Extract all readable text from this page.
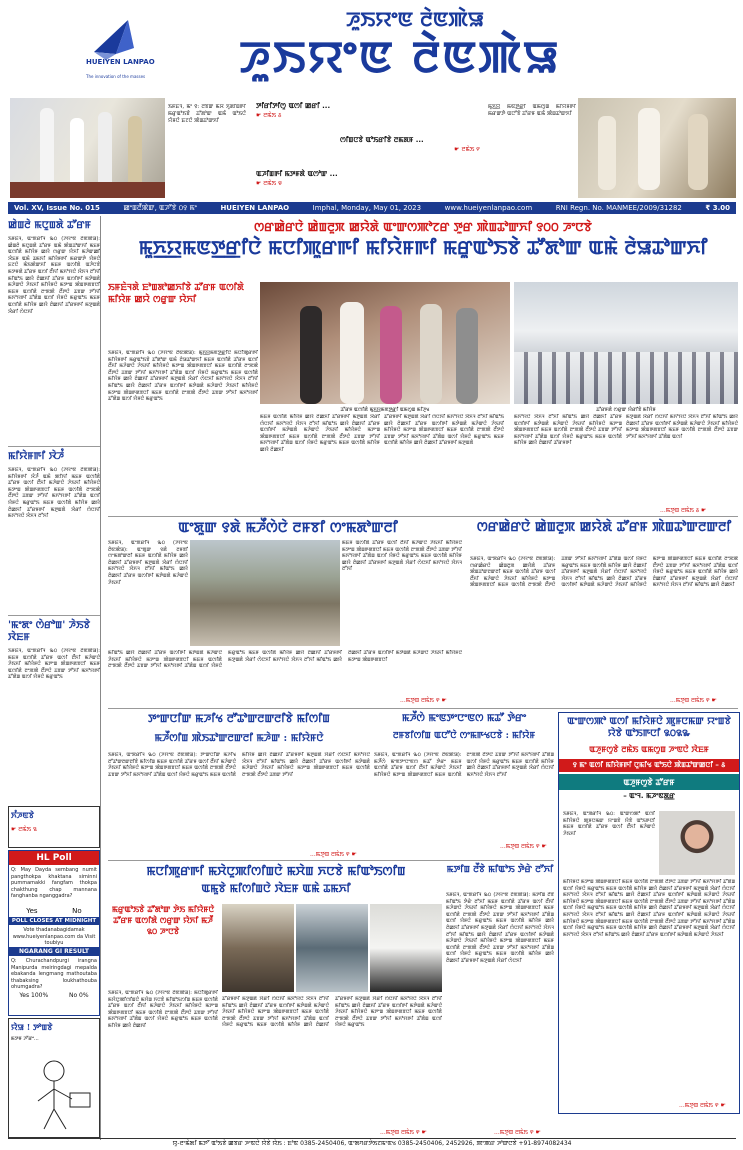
HUEIYEN LANPAO
The innovation of the masses
ꯍꯨꯏꯌꯦꯟ ꯂꯥꯟꯄꯥꯎ
ꯍꯨꯏꯌꯦꯟ ꯂꯥꯟꯄꯥꯎ
ꯏꯝꯐꯥꯜ, ꯃꯦ ꯱: ꯂꯩꯕꯥꯛ ꯃꯆꯥ ꯈꯨꯗꯤꯡꯒꯤ ꯃꯔꯨꯑꯣꯏꯕꯥ ꯊꯧꯗꯣꯛ ꯑꯃꯥ ꯑꯣꯏꯅꯥ ꯌꯥꯝꯅꯥ ꯐꯖꯅꯥ ꯄꯥꯡꯊꯣꯛꯈꯤ
ꯇꯤꯔꯤꯇꯤꯁꯨ ꯑꯁꯤ ꯀꯔꯤ ...
☛ ꯂꯃꯥꯏ ꯴
ꯁꯤꯡꯅꯕꯥ ꯑꯣꯏꯔꯤꯕꯥ ꯂꯃꯗꯝ ...
☛ ꯂꯃꯥꯏ ꯵
ꯑꯍꯤꯡꯒꯤ ꯃꯇꯝꯗꯥ ꯑꯁꯣꯛ ...
☛ ꯂꯃꯥꯏ ꯶
ꯃꯨꯈ꯭ꯌ ꯃꯟꯇ꯭ꯔꯤ ꯑꯃꯁꯨꯡ ꯃꯤꯌꯥꯝꯒꯤ ꯃꯔꯛꯇꯥ ꯑꯅꯧꯕꯥ ꯊꯧꯔꯝ ꯑꯃꯥ ꯄꯥꯡꯊꯣꯛꯈꯤ
Vol. XV, Issue No. 015	ꯀꯦꯡꯂꯩꯄꯥꯛ, ꯑꯍꯧꯕꯥ ꯰꯱ ꯃꯦ	HUEIYEN LANPAO	Imphal, Monday, May 01, 2023	www.hueiyenlanpao.com	RNI Regn. No. MANMEE/2009/31282	₹ 3.00
ꯀꯥꯡꯂꯥ ꯃꯅꯨꯡꯗꯥ ꯊꯧꯔꯝ

ꯏꯝꯐꯥꯜ, ꯑꯦꯞꯔꯤꯜ ꯳꯰ (ꯍꯌꯦꯟ ꯂꯥꯟꯄꯥꯎ): ꯀꯥꯡꯂꯥ ꯃꯅꯨꯡꯗꯥ ꯊꯧꯔꯝ ꯑꯃꯥ ꯄꯥꯡꯊꯣꯛꯈꯤ ꯃꯐꯝ ꯑꯁꯤꯗꯥ ꯃꯤꯌꯥꯝ ꯀꯌꯥ ꯁꯔꯨꯛ ꯌꯥꯈꯤ ꯃꯍꯥꯛꯀꯤ ꯋꯥꯐꯝ ꯑꯃꯥ ꯊꯃꯈꯤ ꯃꯤꯌꯥꯝꯒꯤ ꯃꯔꯛꯇꯥ ꯌꯥꯝꯅꯥ ꯐꯖꯅꯥ ꯃꯥꯏꯄꯥꯛꯈꯤ ꯃꯐꯝ ꯑꯁꯤꯗꯥ ꯑꯍꯥꯅꯕꯥ ꯃꯇꯝꯗꯥ ꯊꯧꯔꯝ ꯑꯁꯤ ꯂꯩꯈꯤ ꯃꯈꯣꯌꯅꯥ ꯋꯥꯈꯜ ꯂꯧꯈꯤ ꯃꯤꯑꯣꯏ ꯀꯌꯥ ꯂꯥꯀꯈꯤ ꯊꯧꯔꯝ ꯑꯁꯤꯒꯤ ꯃꯇꯥꯡꯗꯥ ꯃꯍꯥꯛꯅꯥ ꯍꯥꯏꯈꯤ ꯃꯤꯌꯥꯝꯅꯥ ꯃꯇꯦꯡ ꯄꯥꯡꯒꯗꯕꯅꯤ ꯃꯐꯝ ꯑꯁꯤꯗꯥ ꯂꯦꯞꯄꯥ ꯂꯩꯇꯅꯥ ꯊꯕꯛ ꯇꯧꯈꯤ ꯃꯈꯣꯌꯒꯤ ꯊꯧꯗꯥꯡ ꯑꯁꯤ ꯌꯥꯝꯅꯥ ꯃꯔꯨꯑꯣꯏ ꯃꯐꯝ ꯑꯁꯤꯗꯥ ꯃꯤꯌꯥꯝ ꯀꯌꯥ ꯂꯥꯀꯈꯤ ꯊꯧꯔꯝꯒꯤ ꯃꯇꯨꯡꯗꯥ ꯋꯥꯔꯤ ꯁꯥꯅꯈꯤ

ꯃꯤꯌꯥꯝꯒꯤ ꯋꯥꯍꯪ

ꯏꯝꯐꯥꯜ, ꯑꯦꯞꯔꯤꯜ ꯳꯰ (ꯍꯌꯦꯟ ꯂꯥꯟꯄꯥꯎ): ꯃꯤꯌꯥꯝꯒꯤ ꯋꯥꯍꯪ ꯑꯃꯥ ꯄꯤꯈꯤ ꯃꯐꯝ ꯑꯁꯤꯗꯥ ꯊꯧꯔꯝ ꯑꯁꯤ ꯂꯩꯈꯤ ꯃꯍꯥꯛꯅꯥ ꯍꯥꯏꯈꯤ ꯃꯤꯌꯥꯝꯅꯥ ꯃꯇꯦꯡ ꯄꯥꯡꯒꯗꯕꯅꯤ ꯃꯐꯝ ꯑꯁꯤꯗꯥ ꯂꯦꯞꯄꯥ ꯂꯩꯇꯅꯥ ꯊꯕꯛ ꯇꯧꯈꯤ ꯃꯈꯣꯌꯒꯤ ꯊꯧꯗꯥꯡ ꯑꯁꯤ ꯌꯥꯝꯅꯥ ꯃꯔꯨꯑꯣꯏ ꯃꯐꯝ ꯑꯁꯤꯗꯥ ꯃꯤꯌꯥꯝ ꯀꯌꯥ ꯂꯥꯀꯈꯤ ꯊꯧꯔꯝꯒꯤ ꯃꯇꯨꯡꯗꯥ ꯋꯥꯔꯤ ꯁꯥꯅꯈꯤ ꯃꯈꯣꯌꯅꯥ ꯋꯥꯈꯜ ꯂꯧꯈꯤ

'ꯃꯦꯗꯦ ꯁꯥꯔꯣꯡ' ꯍꯥꯏꯕꯥ ꯋꯥꯐꯝ

ꯏꯝꯐꯥꯜ, ꯑꯦꯞꯔꯤꯜ ꯳꯰ (ꯍꯌꯦꯟ ꯂꯥꯟꯄꯥꯎ): ꯃꯐꯝ ꯑꯁꯤꯗꯥ ꯊꯧꯔꯝ ꯑꯁꯤ ꯂꯩꯈꯤ ꯃꯍꯥꯛꯅꯥ ꯍꯥꯏꯈꯤ ꯃꯤꯌꯥꯝꯅꯥ ꯃꯇꯦꯡ ꯄꯥꯡꯒꯗꯕꯅꯤ ꯃꯐꯝ ꯑꯁꯤꯗꯥ ꯂꯦꯞꯄꯥ ꯂꯩꯇꯅꯥ ꯊꯕꯛ ꯇꯧꯈꯤ ꯃꯈꯣꯌꯒꯤ ꯊꯧꯗꯥꯡ ꯑꯁꯤ ꯌꯥꯝꯅꯥ ꯃꯔꯨꯑꯣꯏ

ꯈꯪꯍꯟꯕꯥ
☛ ꯂꯃꯥꯏ ꯲
HL Poll
Q: May Dayda sembang numit pangthokpa khaktana siminni pummamakki fangfam thokpa chakthung chap mannana fanghanba nganggadra?
Yes	No
POLL CLOSES AT MIDNIGHT
Vote thadanabagidamak www.hueiyenlanpao.com da Visit toubiyu
NGARANG GI RESULT
Q: Churachandpurgi irangna Manipurda meiringdagi mepalda ebakanda lengmang mathoutaba thabaksing loukhathouba ohumgadra?
Yes 100%	No 0%
ꯌꯥꯎ ! ꯇꯣꯡꯕꯥ
ꯃꯇꯝ ꯍꯧꯔꯦ...
ꯁꯔꯀꯥꯔꯅꯥ ꯀꯥꯡꯂꯨꯞ ꯀꯌꯥꯗꯥ ꯑꯦꯛꯁꯄꯣꯖꯔ ꯇꯨꯔ ꯄꯥꯡꯊꯣꯛꯈꯤ ꯱꯰꯰ ꯍꯦꯅꯕꯥ
ꯃꯨꯈ꯭ꯌꯃꯟꯇ꯭ꯔꯤꯅꯥ ꯃꯅꯤꯄꯨꯔꯒꯤ ꯃꯤꯌꯥꯝꯒꯤ ꯃꯔꯨꯑꯣꯏꯕꯥ ꯊꯧꯗꯣꯛ ꯑꯃꯥ ꯂꯥꯎꯊꯣꯛꯈꯤ
ꯏꯝꯐꯥꯜꯗꯥ ꯐꯣꯡꯗꯣꯀꯈꯤꯕꯥ ꯊꯧꯔꯝ ꯑꯁꯤꯗꯥ ꯃꯤꯌꯥꯝ ꯀꯌꯥ ꯁꯔꯨꯛ ꯌꯥꯈꯤ
ꯊꯧꯔꯝ ꯑꯁꯤꯗꯥ ꯃꯨꯈ꯭ꯌꯃꯟꯇ꯭ꯔꯤ ꯑꯃꯁꯨꯡ ꯃꯤꯍꯨꯠ	ꯊꯧꯔꯝꯗꯥ ꯁꯔꯨꯛ ꯌꯥꯔꯤꯕꯥ ꯃꯤꯌꯥꯝ

ꯏꯝꯐꯥꯜ, ꯑꯦꯞꯔꯤꯜ ꯳꯰ (ꯍꯌꯦꯟ ꯂꯥꯟꯄꯥꯎ): ꯃꯨꯈ꯭ꯌꯃꯟꯇ꯭ꯔꯤꯅꯥ ꯃꯅꯤꯄꯨꯔꯒꯤ ꯃꯤꯌꯥꯝꯒꯤ ꯃꯔꯨꯑꯣꯏꯕꯥ ꯊꯧꯗꯣꯛ ꯑꯃꯥ ꯂꯥꯎꯊꯣꯛꯈꯤ ꯃꯐꯝ ꯑꯁꯤꯗꯥ ꯊꯧꯔꯝ ꯑꯁꯤ ꯂꯩꯈꯤ ꯃꯍꯥꯛꯅꯥ ꯍꯥꯏꯈꯤ ꯃꯤꯌꯥꯝꯅꯥ ꯃꯇꯦꯡ ꯄꯥꯡꯒꯗꯕꯅꯤ ꯃꯐꯝ ꯑꯁꯤꯗꯥ ꯂꯦꯞꯄꯥ ꯂꯩꯇꯅꯥ ꯊꯕꯛ ꯇꯧꯈꯤ ꯃꯈꯣꯌꯒꯤ ꯊꯧꯗꯥꯡ ꯑꯁꯤ ꯌꯥꯝꯅꯥ ꯃꯔꯨꯑꯣꯏ ꯃꯐꯝ ꯑꯁꯤꯗꯥ ꯃꯤꯌꯥꯝ ꯀꯌꯥ ꯂꯥꯀꯈꯤ ꯊꯧꯔꯝꯒꯤ ꯃꯇꯨꯡꯗꯥ ꯋꯥꯔꯤ ꯁꯥꯅꯈꯤ ꯃꯈꯣꯌꯅꯥ ꯋꯥꯈꯜ ꯂꯧꯈꯤ ꯃꯤꯑꯣꯏ ꯀꯌꯥ ꯂꯥꯀꯈꯤ ꯊꯧꯔꯝ ꯑꯁꯤꯒꯤ ꯃꯇꯥꯡꯗꯥ ꯃꯍꯥꯛꯅꯥ ꯍꯥꯏꯈꯤ ꯃꯤꯌꯥꯝꯅꯥ ꯃꯇꯦꯡ ꯄꯥꯡꯒꯗꯕꯅꯤ ꯃꯐꯝ ꯑꯁꯤꯗꯥ ꯂꯦꯞꯄꯥ ꯂꯩꯇꯅꯥ ꯊꯕꯛ ꯇꯧꯈꯤ ꯃꯈꯣꯌꯒꯤ ꯊꯧꯗꯥꯡ ꯑꯁꯤ ꯌꯥꯝꯅꯥ ꯃꯔꯨꯑꯣꯏ

ꯃꯐꯝ ꯑꯁꯤꯗꯥ ꯃꯤꯌꯥꯝ ꯀꯌꯥ ꯂꯥꯀꯈꯤ ꯊꯧꯔꯝꯒꯤ ꯃꯇꯨꯡꯗꯥ ꯋꯥꯔꯤ ꯁꯥꯅꯈꯤ ꯃꯈꯣꯌꯅꯥ ꯋꯥꯈꯜ ꯂꯧꯈꯤ ꯃꯤꯑꯣꯏ ꯀꯌꯥ ꯂꯥꯀꯈꯤ ꯊꯧꯔꯝ ꯑꯁꯤꯒꯤ ꯃꯇꯥꯡꯗꯥ ꯃꯍꯥꯛꯅꯥ ꯍꯥꯏꯈꯤ ꯃꯤꯌꯥꯝꯅꯥ ꯃꯇꯦꯡ ꯄꯥꯡꯒꯗꯕꯅꯤ ꯃꯐꯝ ꯑꯁꯤꯗꯥ ꯂꯦꯞꯄꯥ ꯂꯩꯇꯅꯥ ꯊꯕꯛ ꯇꯧꯈꯤ ꯃꯈꯣꯌꯒꯤ ꯊꯧꯗꯥꯡ ꯑꯁꯤ ꯌꯥꯝꯅꯥ ꯃꯔꯨꯑꯣꯏ ꯃꯐꯝ ꯑꯁꯤꯗꯥ ꯃꯤꯌꯥꯝ ꯀꯌꯥ ꯂꯥꯀꯈꯤ

ꯊꯧꯔꯝꯒꯤ ꯃꯇꯨꯡꯗꯥ ꯋꯥꯔꯤ ꯁꯥꯅꯈꯤ ꯃꯈꯣꯌꯅꯥ ꯋꯥꯈꯜ ꯂꯧꯈꯤ ꯃꯤꯑꯣꯏ ꯀꯌꯥ ꯂꯥꯀꯈꯤ ꯊꯧꯔꯝ ꯑꯁꯤꯒꯤ ꯃꯇꯥꯡꯗꯥ ꯃꯍꯥꯛꯅꯥ ꯍꯥꯏꯈꯤ ꯃꯤꯌꯥꯝꯅꯥ ꯃꯇꯦꯡ ꯄꯥꯡꯒꯗꯕꯅꯤ ꯃꯐꯝ ꯑꯁꯤꯗꯥ ꯂꯦꯞꯄꯥ ꯂꯩꯇꯅꯥ ꯊꯕꯛ ꯇꯧꯈꯤ ꯃꯈꯣꯌꯒꯤ ꯊꯧꯗꯥꯡ ꯑꯁꯤ ꯌꯥꯝꯅꯥ ꯃꯔꯨꯑꯣꯏ ꯃꯐꯝ ꯑꯁꯤꯗꯥ ꯃꯤꯌꯥꯝ ꯀꯌꯥ ꯂꯥꯀꯈꯤ ꯊꯧꯔꯝꯒꯤ ꯃꯇꯨꯡꯗꯥ

ꯃꯈꯣꯌꯅꯥ ꯋꯥꯈꯜ ꯂꯧꯈꯤ ꯃꯤꯑꯣꯏ ꯀꯌꯥ ꯂꯥꯀꯈꯤ ꯊꯧꯔꯝ ꯑꯁꯤꯒꯤ ꯃꯇꯥꯡꯗꯥ ꯃꯍꯥꯛꯅꯥ ꯍꯥꯏꯈꯤ ꯃꯤꯌꯥꯝꯅꯥ ꯃꯇꯦꯡ ꯄꯥꯡꯒꯗꯕꯅꯤ ꯃꯐꯝ ꯑꯁꯤꯗꯥ ꯂꯦꯞꯄꯥ ꯂꯩꯇꯅꯥ ꯊꯕꯛ ꯇꯧꯈꯤ ꯃꯈꯣꯌꯒꯤ ꯊꯧꯗꯥꯡ ꯑꯁꯤ ꯌꯥꯝꯅꯥ ꯃꯔꯨꯑꯣꯏ ꯃꯐꯝ ꯑꯁꯤꯗꯥ ꯃꯤꯌꯥꯝ ꯀꯌꯥ ꯂꯥꯀꯈꯤ ꯊꯧꯔꯝꯒꯤ

ꯃꯇꯨꯡꯗꯥ ꯋꯥꯔꯤ ꯁꯥꯅꯈꯤ ꯃꯈꯣꯌꯅꯥ ꯋꯥꯈꯜ ꯂꯧꯈꯤ ꯃꯤꯑꯣꯏ ꯀꯌꯥ ꯂꯥꯀꯈꯤ ꯊꯧꯔꯝ ꯑꯁꯤꯒꯤ ꯃꯇꯥꯡꯗꯥ ꯃꯍꯥꯛꯅꯥ ꯍꯥꯏꯈꯤ ꯃꯤꯌꯥꯝꯅꯥ ꯃꯇꯦꯡ ꯄꯥꯡꯒꯗꯕꯅꯤ ꯃꯐꯝ ꯑꯁꯤꯗꯥ ꯂꯦꯞꯄꯥ ꯂꯩꯇꯅꯥ ꯊꯕꯛ ꯇꯧꯈꯤ ꯃꯈꯣꯌꯒꯤ ꯊꯧꯗꯥꯡ ꯑꯁꯤ

...ꯃꯇꯨꯡ ꯂꯃꯥꯏ ꯴ ☛
ꯑꯦꯗꯨꯛ ꯱ꯗꯥ ꯃꯍꯩꯁꯥꯅꯥ ꯂꯝꯕꯤ ꯁꯦꯃꯗꯣꯛꯂꯤ

ꯏꯝꯐꯥꯜ, ꯑꯦꯞꯔꯤꯜ ꯳꯰ (ꯍꯌꯦꯟ ꯂꯥꯟꯄꯥꯎ): ꯑꯦꯗꯨꯛ ꯱ꯗꯥ ꯂꯝꯕꯤ ꯁꯦꯃꯗꯣꯛꯂꯤ ꯃꯐꯝ ꯑꯁꯤꯗꯥ ꯃꯤꯌꯥꯝ ꯀꯌꯥ ꯂꯥꯀꯈꯤ ꯊꯧꯔꯝꯒꯤ ꯃꯇꯨꯡꯗꯥ ꯋꯥꯔꯤ ꯁꯥꯅꯈꯤ ꯃꯈꯣꯌꯅꯥ ꯋꯥꯈꯜ ꯂꯧꯈꯤ ꯃꯤꯑꯣꯏ ꯀꯌꯥ ꯂꯥꯀꯈꯤ ꯊꯧꯔꯝ ꯑꯁꯤꯒꯤ ꯃꯇꯥꯡꯗꯥ ꯃꯍꯥꯛꯅꯥ ꯍꯥꯏꯈꯤ

ꯃꯐꯝ ꯑꯁꯤꯗꯥ ꯊꯧꯔꯝ ꯑꯁꯤ ꯂꯩꯈꯤ ꯃꯍꯥꯛꯅꯥ ꯍꯥꯏꯈꯤ ꯃꯤꯌꯥꯝꯅꯥ ꯃꯇꯦꯡ ꯄꯥꯡꯒꯗꯕꯅꯤ ꯃꯐꯝ ꯑꯁꯤꯗꯥ ꯂꯦꯞꯄꯥ ꯂꯩꯇꯅꯥ ꯊꯕꯛ ꯇꯧꯈꯤ ꯃꯈꯣꯌꯒꯤ ꯊꯧꯗꯥꯡ ꯑꯁꯤ ꯌꯥꯝꯅꯥ ꯃꯔꯨꯑꯣꯏ ꯃꯐꯝ ꯑꯁꯤꯗꯥ ꯃꯤꯌꯥꯝ ꯀꯌꯥ ꯂꯥꯀꯈꯤ ꯊꯧꯔꯝꯒꯤ ꯃꯇꯨꯡꯗꯥ ꯋꯥꯔꯤ ꯁꯥꯅꯈꯤ ꯃꯈꯣꯌꯅꯥ ꯋꯥꯈꯜ ꯂꯧꯈꯤ

ꯃꯤꯑꯣꯏ ꯀꯌꯥ ꯂꯥꯀꯈꯤ ꯊꯧꯔꯝ ꯑꯁꯤꯒꯤ ꯃꯇꯥꯡꯗꯥ ꯃꯍꯥꯛꯅꯥ ꯍꯥꯏꯈꯤ ꯃꯤꯌꯥꯝꯅꯥ ꯃꯇꯦꯡ ꯄꯥꯡꯒꯗꯕꯅꯤ ꯃꯐꯝ ꯑꯁꯤꯗꯥ ꯂꯦꯞꯄꯥ ꯂꯩꯇꯅꯥ ꯊꯕꯛ ꯇꯧꯈꯤ ꯃꯈꯣꯌꯒꯤ ꯊꯧꯗꯥꯡ ꯑꯁꯤ ꯌꯥꯝꯅꯥ ꯃꯔꯨꯑꯣꯏ ꯃꯐꯝ ꯑꯁꯤꯗꯥ ꯃꯤꯌꯥꯝ ꯀꯌꯥ ꯂꯥꯀꯈꯤ ꯊꯧꯔꯝꯒꯤ ꯃꯇꯨꯡꯗꯥ ꯋꯥꯔꯤ ꯁꯥꯅꯈꯤ ꯃꯈꯣꯌꯅꯥ ꯋꯥꯈꯜ ꯂꯧꯈꯤ ꯃꯤꯑꯣꯏ ꯀꯌꯥ ꯂꯥꯀꯈꯤ ꯊꯧꯔꯝ ꯑꯁꯤꯒꯤ ꯃꯇꯥꯡꯗꯥ ꯃꯍꯥꯛꯅꯥ ꯍꯥꯏꯈꯤ ꯃꯤꯌꯥꯝꯅꯥ ꯃꯇꯦꯡ ꯄꯥꯡꯒꯗꯕꯅꯤ

...ꯃꯇꯨꯡ ꯂꯃꯥꯏ ꯵ ☛
ꯁꯔꯀꯥꯔꯅꯥ ꯀꯥꯡꯂꯨꯞ ꯀꯌꯥꯗꯥ ꯊꯧꯔꯝ ꯄꯥꯡꯊꯣꯛꯂꯛꯂꯤ

ꯏꯝꯐꯥꯜ, ꯑꯦꯞꯔꯤꯜ ꯳꯰ (ꯍꯌꯦꯟ ꯂꯥꯟꯄꯥꯎ): ꯁꯔꯀꯥꯔꯅꯥ ꯀꯥꯡꯂꯨꯞ ꯀꯌꯥꯗꯥ ꯊꯧꯔꯝ ꯄꯥꯡꯊꯣꯛꯂꯛꯂꯤ ꯃꯐꯝ ꯑꯁꯤꯗꯥ ꯊꯧꯔꯝ ꯑꯁꯤ ꯂꯩꯈꯤ ꯃꯍꯥꯛꯅꯥ ꯍꯥꯏꯈꯤ ꯃꯤꯌꯥꯝꯅꯥ ꯃꯇꯦꯡ ꯄꯥꯡꯒꯗꯕꯅꯤ ꯃꯐꯝ ꯑꯁꯤꯗꯥ ꯂꯦꯞꯄꯥ ꯂꯩꯇꯅꯥ ꯊꯕꯛ ꯇꯧꯈꯤ ꯃꯈꯣꯌꯒꯤ ꯊꯧꯗꯥꯡ ꯑꯁꯤ ꯌꯥꯝꯅꯥ ꯃꯔꯨꯑꯣꯏ ꯃꯐꯝ ꯑꯁꯤꯗꯥ ꯃꯤꯌꯥꯝ ꯀꯌꯥ ꯂꯥꯀꯈꯤ ꯊꯧꯔꯝꯒꯤ ꯃꯇꯨꯡꯗꯥ ꯋꯥꯔꯤ ꯁꯥꯅꯈꯤ ꯃꯈꯣꯌꯅꯥ ꯋꯥꯈꯜ ꯂꯧꯈꯤ ꯃꯤꯑꯣꯏ ꯀꯌꯥ ꯂꯥꯀꯈꯤ ꯊꯧꯔꯝ ꯑꯁꯤꯒꯤ ꯃꯇꯥꯡꯗꯥ ꯃꯍꯥꯛꯅꯥ ꯍꯥꯏꯈꯤ ꯃꯤꯌꯥꯝꯅꯥ ꯃꯇꯦꯡ ꯄꯥꯡꯒꯗꯕꯅꯤ ꯃꯐꯝ ꯑꯁꯤꯗꯥ ꯂꯦꯞꯄꯥ ꯂꯩꯇꯅꯥ ꯊꯕꯛ ꯇꯧꯈꯤ ꯃꯈꯣꯌꯒꯤ ꯊꯧꯗꯥꯡ ꯑꯁꯤ ꯌꯥꯝꯅꯥ ꯃꯔꯨꯑꯣꯏ ꯃꯐꯝ ꯑꯁꯤꯗꯥ ꯃꯤꯌꯥꯝ ꯀꯌꯥ ꯂꯥꯀꯈꯤ ꯊꯧꯔꯝꯒꯤ ꯃꯇꯨꯡꯗꯥ ꯋꯥꯔꯤ ꯁꯥꯅꯈꯤ ꯃꯈꯣꯌꯅꯥ ꯋꯥꯈꯜ ꯂꯧꯈꯤ ꯃꯤꯑꯣꯏ ꯀꯌꯥ ꯂꯥꯀꯈꯤ

...ꯃꯇꯨꯡ ꯂꯃꯥꯏ ꯵ ☛
ꯇꯦꯛꯅꯤꯛ ꯃꯍꯤꯠ ꯂꯧꯊꯣꯛꯂꯛꯂꯤꯕꯥ ꯃꯤꯁꯤꯡ
ꯃꯍꯩꯁꯤꯡ ꯄꯥꯏꯊꯣꯛꯂꯛꯂꯤ ꯃꯍꯥꯛ : ꯃꯤꯌꯥꯝꯅꯥ

ꯏꯝꯐꯥꯜ, ꯑꯦꯞꯔꯤꯜ ꯳꯰ (ꯍꯌꯦꯟ ꯂꯥꯟꯄꯥꯎ): ꯇꯦꯛꯅꯤꯛ ꯃꯍꯤꯠ ꯂꯧꯊꯣꯛꯂꯛꯂꯤꯕꯥ ꯃꯤꯁꯤꯡ ꯃꯐꯝ ꯑꯁꯤꯗꯥ ꯊꯧꯔꯝ ꯑꯁꯤ ꯂꯩꯈꯤ ꯃꯍꯥꯛꯅꯥ ꯍꯥꯏꯈꯤ ꯃꯤꯌꯥꯝꯅꯥ ꯃꯇꯦꯡ ꯄꯥꯡꯒꯗꯕꯅꯤ ꯃꯐꯝ ꯑꯁꯤꯗꯥ ꯂꯦꯞꯄꯥ ꯂꯩꯇꯅꯥ ꯊꯕꯛ ꯇꯧꯈꯤ ꯃꯈꯣꯌꯒꯤ ꯊꯧꯗꯥꯡ ꯑꯁꯤ ꯌꯥꯝꯅꯥ ꯃꯔꯨꯑꯣꯏ ꯃꯐꯝ ꯑꯁꯤꯗꯥ ꯃꯤꯌꯥꯝ ꯀꯌꯥ ꯂꯥꯀꯈꯤ ꯊꯧꯔꯝꯒꯤ ꯃꯇꯨꯡꯗꯥ ꯋꯥꯔꯤ ꯁꯥꯅꯈꯤ ꯃꯈꯣꯌꯅꯥ ꯋꯥꯈꯜ ꯂꯧꯈꯤ ꯃꯤꯑꯣꯏ ꯀꯌꯥ ꯂꯥꯀꯈꯤ ꯊꯧꯔꯝ ꯑꯁꯤꯒꯤ ꯃꯇꯥꯡꯗꯥ ꯃꯍꯥꯛꯅꯥ ꯍꯥꯏꯈꯤ ꯃꯤꯌꯥꯝꯅꯥ ꯃꯇꯦꯡ ꯄꯥꯡꯒꯗꯕꯅꯤ ꯃꯐꯝ ꯑꯁꯤꯗꯥ ꯂꯦꯞꯄꯥ ꯂꯩꯇꯅꯥ ꯊꯕꯛ ꯇꯧꯈꯤ

...ꯃꯇꯨꯡ ꯂꯃꯥꯏ ꯵ ☛
ꯃꯍꯩꯁꯥ ꯃꯦꯟꯇꯦꯅꯦꯟꯁ ꯃꯊꯧ ꯇꯥꯔꯦ
ꯂꯝꯕꯤꯁꯤꯡ ꯑꯅꯧꯅꯥ ꯁꯦꯃꯒꯠꯅꯕꯥ : ꯃꯤꯌꯥꯝ

ꯏꯝꯐꯥꯜ, ꯑꯦꯞꯔꯤꯜ ꯳꯰ (ꯍꯌꯦꯟ ꯂꯥꯟꯄꯥꯎ): ꯃꯍꯩꯁꯥ ꯃꯦꯟꯇꯦꯅꯦꯟꯁ ꯃꯊꯧ ꯇꯥꯔꯦ ꯃꯐꯝ ꯑꯁꯤꯗꯥ ꯊꯧꯔꯝ ꯑꯁꯤ ꯂꯩꯈꯤ ꯃꯍꯥꯛꯅꯥ ꯍꯥꯏꯈꯤ ꯃꯤꯌꯥꯝꯅꯥ ꯃꯇꯦꯡ ꯄꯥꯡꯒꯗꯕꯅꯤ ꯃꯐꯝ ꯑꯁꯤꯗꯥ ꯂꯦꯞꯄꯥ ꯂꯩꯇꯅꯥ ꯊꯕꯛ ꯇꯧꯈꯤ ꯃꯈꯣꯌꯒꯤ ꯊꯧꯗꯥꯡ ꯑꯁꯤ ꯌꯥꯝꯅꯥ ꯃꯔꯨꯑꯣꯏ ꯃꯐꯝ ꯑꯁꯤꯗꯥ ꯃꯤꯌꯥꯝ ꯀꯌꯥ ꯂꯥꯀꯈꯤ ꯊꯧꯔꯝꯒꯤ ꯃꯇꯨꯡꯗꯥ ꯋꯥꯔꯤ ꯁꯥꯅꯈꯤ ꯃꯈꯣꯌꯅꯥ ꯋꯥꯈꯜ ꯂꯧꯈꯤ

...ꯃꯇꯨꯡ ꯂꯃꯥꯏ ꯵ ☛
ꯑꯦꯛꯁꯄꯣ ꯑꯁꯤ ꯃꯤꯌꯥꯝꯅꯥ ꯄꯨꯝꯅꯃꯛ ꯌꯦꯡꯕꯥ ꯌꯥꯕꯥ ꯑꯣꯏꯒꯅꯤ ꯲꯰꯲꯳
ꯑꯍꯨꯝꯁꯨꯕꯥ ꯂꯃꯥꯏ ꯑꯃꯁꯨꯡ ꯍꯦꯟꯅꯥ ꯋꯥꯐꯝ
꯱ ꯃꯦ ꯑꯁꯤ ꯃꯤꯌꯥꯝꯒꯤ ꯅꯨꯃꯤꯠ ꯑꯣꯏꯅꯥ ꯄꯥꯡꯊꯣꯛꯀꯅꯤ – ꯴
ꯑꯍꯨꯝꯁꯨꯕꯥ ꯊꯧꯔꯝ
– ꯑꯦꯜ. ꯃꯍꯦꯟꯗ꯭ꯔ

ꯏꯝꯐꯥꯜ, ꯑꯦꯞꯔꯤꯜ ꯳꯰: ꯑꯦꯛꯁꯄꯣ ꯑꯁꯤ ꯃꯤꯌꯥꯝꯅꯥ ꯄꯨꯝꯅꯃꯛ ꯌꯦꯡꯕꯥ ꯌꯥꯕꯥ ꯑꯣꯏꯒꯅꯤ ꯃꯐꯝ ꯑꯁꯤꯗꯥ ꯊꯧꯔꯝ ꯑꯁꯤ ꯂꯩꯈꯤ ꯃꯍꯥꯛꯅꯥ ꯍꯥꯏꯈꯤ

ꯃꯤꯌꯥꯝꯅꯥ ꯃꯇꯦꯡ ꯄꯥꯡꯒꯗꯕꯅꯤ ꯃꯐꯝ ꯑꯁꯤꯗꯥ ꯂꯦꯞꯄꯥ ꯂꯩꯇꯅꯥ ꯊꯕꯛ ꯇꯧꯈꯤ ꯃꯈꯣꯌꯒꯤ ꯊꯧꯗꯥꯡ ꯑꯁꯤ ꯌꯥꯝꯅꯥ ꯃꯔꯨꯑꯣꯏ ꯃꯐꯝ ꯑꯁꯤꯗꯥ ꯃꯤꯌꯥꯝ ꯀꯌꯥ ꯂꯥꯀꯈꯤ ꯊꯧꯔꯝꯒꯤ ꯃꯇꯨꯡꯗꯥ ꯋꯥꯔꯤ ꯁꯥꯅꯈꯤ ꯃꯈꯣꯌꯅꯥ ꯋꯥꯈꯜ ꯂꯧꯈꯤ ꯃꯤꯑꯣꯏ ꯀꯌꯥ ꯂꯥꯀꯈꯤ ꯊꯧꯔꯝ ꯑꯁꯤꯒꯤ ꯃꯇꯥꯡꯗꯥ ꯃꯍꯥꯛꯅꯥ ꯍꯥꯏꯈꯤ ꯃꯤꯌꯥꯝꯅꯥ ꯃꯇꯦꯡ ꯄꯥꯡꯒꯗꯕꯅꯤ ꯃꯐꯝ ꯑꯁꯤꯗꯥ ꯂꯦꯞꯄꯥ ꯂꯩꯇꯅꯥ ꯊꯕꯛ ꯇꯧꯈꯤ ꯃꯈꯣꯌꯒꯤ ꯊꯧꯗꯥꯡ ꯑꯁꯤ ꯌꯥꯝꯅꯥ ꯃꯔꯨꯑꯣꯏ ꯃꯐꯝ ꯑꯁꯤꯗꯥ ꯃꯤꯌꯥꯝ ꯀꯌꯥ ꯂꯥꯀꯈꯤ ꯊꯧꯔꯝꯒꯤ ꯃꯇꯨꯡꯗꯥ ꯋꯥꯔꯤ ꯁꯥꯅꯈꯤ ꯃꯈꯣꯌꯅꯥ ꯋꯥꯈꯜ ꯂꯧꯈꯤ ꯃꯤꯑꯣꯏ ꯀꯌꯥ ꯂꯥꯀꯈꯤ ꯊꯧꯔꯝ ꯑꯁꯤꯒꯤ ꯃꯇꯥꯡꯗꯥ ꯃꯍꯥꯛꯅꯥ ꯍꯥꯏꯈꯤ ꯃꯤꯌꯥꯝꯅꯥ ꯃꯇꯦꯡ ꯄꯥꯡꯒꯗꯕꯅꯤ ꯃꯐꯝ ꯑꯁꯤꯗꯥ ꯂꯦꯞꯄꯥ ꯂꯩꯇꯅꯥ ꯊꯕꯛ ꯇꯧꯈꯤ ꯃꯈꯣꯌꯒꯤ ꯊꯧꯗꯥꯡ ꯑꯁꯤ ꯌꯥꯝꯅꯥ ꯃꯔꯨꯑꯣꯏ ꯃꯐꯝ ꯑꯁꯤꯗꯥ ꯃꯤꯌꯥꯝ ꯀꯌꯥ ꯂꯥꯀꯈꯤ ꯊꯧꯔꯝꯒꯤ ꯃꯇꯨꯡꯗꯥ ꯋꯥꯔꯤ ꯁꯥꯅꯈꯤ ꯃꯈꯣꯌꯅꯥ ꯋꯥꯈꯜ ꯂꯧꯈꯤ ꯃꯤꯑꯣꯏ ꯀꯌꯥ ꯂꯥꯀꯈꯤ ꯊꯧꯔꯝ ꯑꯁꯤꯒꯤ ꯃꯇꯥꯡꯗꯥ ꯃꯍꯥꯛꯅꯥ ꯍꯥꯏꯈꯤ

...ꯃꯇꯨꯡ ꯂꯃꯥꯏ ꯵ ☛
ꯃꯅꯤꯄꯨꯔꯒꯤ ꯃꯆꯥꯅꯨꯄꯤꯁꯤꯡꯅꯥ ꯃꯆꯥꯡ ꯈꯅꯕꯥ ꯃꯤꯑꯣꯏꯁꯤꯡ
ꯑꯃꯨꯕꯥ ꯃꯤꯁꯤꯡꯅꯥ ꯋꯥꯐꯝ ꯑꯃꯥ ꯊꯃꯈꯤ
ꯃꯔꯨꯑꯣꯏꯕꯥ ꯊꯧꯗꯣꯛ ꯇꯥꯏ ꯃꯤꯌꯥꯝꯅꯥ ꯊꯧꯔꯝ ꯑꯁꯤꯗꯥ ꯁꯔꯨꯛ ꯌꯥꯈꯤ ꯃꯍꯩ ꯲꯰ ꯍꯦꯅꯕꯥ

ꯏꯝꯐꯥꯜ, ꯑꯦꯞꯔꯤꯜ ꯳꯰ (ꯍꯌꯦꯟ ꯂꯥꯟꯄꯥꯎ): ꯃꯅꯤꯄꯨꯔꯒꯤ ꯃꯆꯥꯅꯨꯄꯤꯁꯤꯡꯅꯥ ꯃꯆꯥꯡ ꯈꯅꯕꯥ ꯃꯤꯑꯣꯏꯁꯤꯡ ꯃꯐꯝ ꯑꯁꯤꯗꯥ ꯊꯧꯔꯝ ꯑꯁꯤ ꯂꯩꯈꯤ ꯃꯍꯥꯛꯅꯥ ꯍꯥꯏꯈꯤ ꯃꯤꯌꯥꯝꯅꯥ ꯃꯇꯦꯡ ꯄꯥꯡꯒꯗꯕꯅꯤ ꯃꯐꯝ ꯑꯁꯤꯗꯥ ꯂꯦꯞꯄꯥ ꯂꯩꯇꯅꯥ ꯊꯕꯛ ꯇꯧꯈꯤ ꯃꯈꯣꯌꯒꯤ ꯊꯧꯗꯥꯡ ꯑꯁꯤ ꯌꯥꯝꯅꯥ ꯃꯔꯨꯑꯣꯏ ꯃꯐꯝ ꯑꯁꯤꯗꯥ ꯃꯤꯌꯥꯝ ꯀꯌꯥ ꯂꯥꯀꯈꯤ

ꯊꯧꯔꯝꯒꯤ ꯃꯇꯨꯡꯗꯥ ꯋꯥꯔꯤ ꯁꯥꯅꯈꯤ ꯃꯈꯣꯌꯅꯥ ꯋꯥꯈꯜ ꯂꯧꯈꯤ ꯃꯤꯑꯣꯏ ꯀꯌꯥ ꯂꯥꯀꯈꯤ ꯊꯧꯔꯝ ꯑꯁꯤꯒꯤ ꯃꯇꯥꯡꯗꯥ ꯃꯍꯥꯛꯅꯥ ꯍꯥꯏꯈꯤ ꯃꯤꯌꯥꯝꯅꯥ ꯃꯇꯦꯡ ꯄꯥꯡꯒꯗꯕꯅꯤ ꯃꯐꯝ ꯑꯁꯤꯗꯥ ꯂꯦꯞꯄꯥ ꯂꯩꯇꯅꯥ ꯊꯕꯛ ꯇꯧꯈꯤ ꯃꯈꯣꯌꯒꯤ ꯊꯧꯗꯥꯡ ꯑꯁꯤ ꯌꯥꯝꯅꯥ ꯃꯔꯨꯑꯣꯏ ꯃꯐꯝ ꯑꯁꯤꯗꯥ ꯃꯤꯌꯥꯝ ꯀꯌꯥ ꯂꯥꯀꯈꯤ ꯊꯧꯔꯝꯒꯤ ꯃꯇꯨꯡꯗꯥ ꯋꯥꯔꯤ ꯁꯥꯅꯈꯤ ꯃꯈꯣꯌꯅꯥ ꯋꯥꯈꯜ ꯂꯧꯈꯤ ꯃꯤꯑꯣꯏ ꯀꯌꯥ ꯂꯥꯀꯈꯤ ꯊꯧꯔꯝ ꯑꯁꯤꯒꯤ ꯃꯇꯥꯡꯗꯥ ꯃꯍꯥꯛꯅꯥ ꯍꯥꯏꯈꯤ ꯃꯤꯌꯥꯝꯅꯥ ꯃꯇꯦꯡ ꯄꯥꯡꯒꯗꯕꯅꯤ ꯃꯐꯝ ꯑꯁꯤꯗꯥ ꯂꯦꯞꯄꯥ ꯂꯩꯇꯅꯥ ꯊꯕꯛ ꯇꯧꯈꯤ ꯃꯈꯣꯌꯒꯤ ꯊꯧꯗꯥꯡ ꯑꯁꯤ ꯌꯥꯝꯅꯥ ꯃꯔꯨꯑꯣꯏ

...ꯃꯇꯨꯡ ꯂꯃꯥꯏ ꯵ ☛
ꯃꯇꯤꯡ ꯂꯩꯕꯥ ꯃꯤꯑꯣꯏ ꯇꯥꯔꯥ ꯂꯧꯈꯤ

ꯏꯝꯐꯥꯜ, ꯑꯦꯞꯔꯤꯜ ꯳꯰ (ꯍꯌꯦꯟ ꯂꯥꯟꯄꯥꯎ): ꯃꯇꯤꯡ ꯂꯩꯕꯥ ꯃꯤꯑꯣꯏ ꯇꯥꯔꯥ ꯂꯧꯈꯤ ꯃꯐꯝ ꯑꯁꯤꯗꯥ ꯊꯧꯔꯝ ꯑꯁꯤ ꯂꯩꯈꯤ ꯃꯍꯥꯛꯅꯥ ꯍꯥꯏꯈꯤ ꯃꯤꯌꯥꯝꯅꯥ ꯃꯇꯦꯡ ꯄꯥꯡꯒꯗꯕꯅꯤ ꯃꯐꯝ ꯑꯁꯤꯗꯥ ꯂꯦꯞꯄꯥ ꯂꯩꯇꯅꯥ ꯊꯕꯛ ꯇꯧꯈꯤ ꯃꯈꯣꯌꯒꯤ ꯊꯧꯗꯥꯡ ꯑꯁꯤ ꯌꯥꯝꯅꯥ ꯃꯔꯨꯑꯣꯏ ꯃꯐꯝ ꯑꯁꯤꯗꯥ ꯃꯤꯌꯥꯝ ꯀꯌꯥ ꯂꯥꯀꯈꯤ ꯊꯧꯔꯝꯒꯤ ꯃꯇꯨꯡꯗꯥ ꯋꯥꯔꯤ ꯁꯥꯅꯈꯤ ꯃꯈꯣꯌꯅꯥ ꯋꯥꯈꯜ ꯂꯧꯈꯤ ꯃꯤꯑꯣꯏ ꯀꯌꯥ ꯂꯥꯀꯈꯤ ꯊꯧꯔꯝ ꯑꯁꯤꯒꯤ ꯃꯇꯥꯡꯗꯥ ꯃꯍꯥꯛꯅꯥ ꯍꯥꯏꯈꯤ ꯃꯤꯌꯥꯝꯅꯥ ꯃꯇꯦꯡ ꯄꯥꯡꯒꯗꯕꯅꯤ ꯃꯐꯝ ꯑꯁꯤꯗꯥ ꯂꯦꯞꯄꯥ ꯂꯩꯇꯅꯥ ꯊꯕꯛ ꯇꯧꯈꯤ ꯃꯈꯣꯌꯒꯤ ꯊꯧꯗꯥꯡ ꯑꯁꯤ ꯌꯥꯝꯅꯥ ꯃꯔꯨꯑꯣꯏ ꯃꯐꯝ ꯑꯁꯤꯗꯥ ꯃꯤꯌꯥꯝ ꯀꯌꯥ ꯂꯥꯀꯈꯤ ꯊꯧꯔꯝꯒꯤ ꯃꯇꯨꯡꯗꯥ ꯋꯥꯔꯤ ꯁꯥꯅꯈꯤ

...ꯃꯇꯨꯡ ꯂꯃꯥꯏ ꯵ ☛
ꯌꯨ-ꯂꯦꯃꯥꯗꯤ ꯃꯇꯧ ꯑꯣꯏꯕꯥ ꯀꯕꯔ ꯍꯦꯟꯅꯥ ꯌꯥꯕꯥ ꯌꯥꯏ : ꯐꯣꯟ 0385-2450406, ꯑꯦꯗꯚꯔꯇꯥꯏꯖꯃꯦꯟꯠ 0385-2450406, 2452926, ꯄꯦꯄꯔ ꯍꯣꯛꯅꯕꯥ +91-8974082434
